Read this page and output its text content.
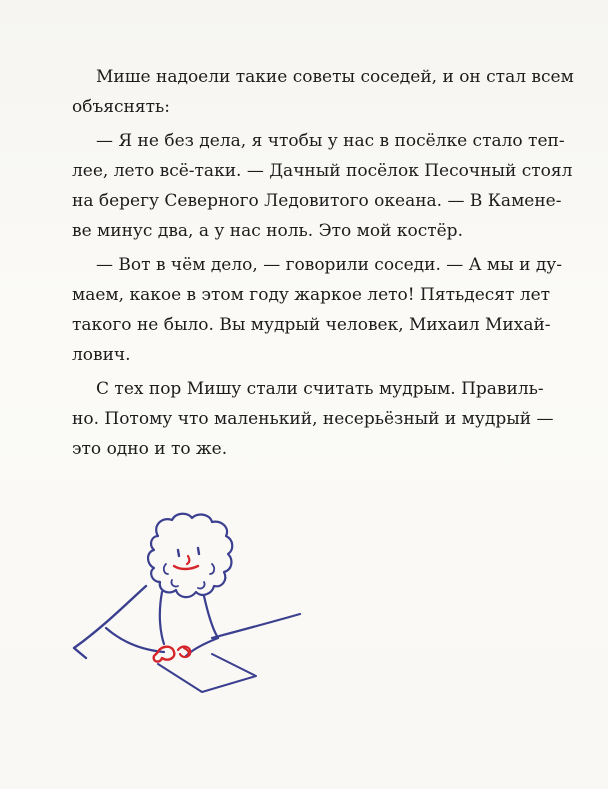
Мише надоели такие советы соседей, и он стал всем
объяснять:

— Я не без дела, я чтобы у нас в посёлке стало теп-
лее, лето всё-таки. — Дачный посёлок Песочный стоял
на берегу Северного Ледовитого океана. — В Камене-
ве минус два, а у нас ноль. Это мой костёр.

— Вот в чём дело, — говорили соседи. — А мы и ду-
маем, какое в этом году жаркое лето! Пятьдесят лет
такого не было. Вы мудрый человек, Михаил Михай-
лович.

С тех пор Мишу стали считать мудрым. Правиль-
но. Потому что маленький, несерьёзный и мудрый —
это одно и то же.
